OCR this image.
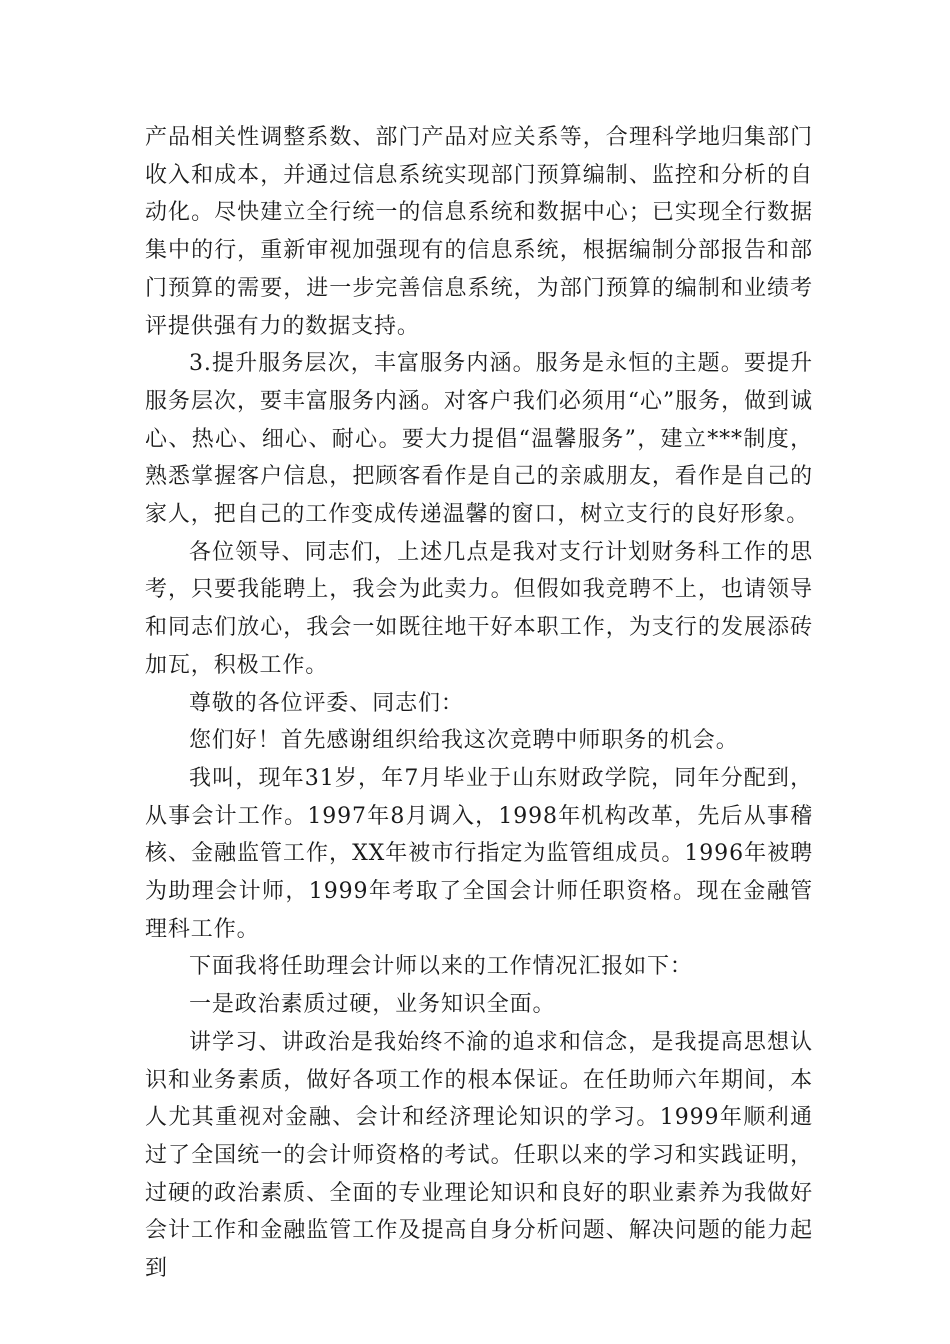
产品相关性调整系数、部门产品对应关系等，合理科学地归集部门收入和成本，并通过信息系统实现部门预算编制、监控和分析的自动化。尽快建立全行统一的信息系统和数据中心；已实现全行数据集中的行，重新审视加强现有的信息系统，根据编制分部报告和部门预算的需要，进一步完善信息系统，为部门预算的编制和业绩考评提供强有力的数据支持。

3.提升服务层次，丰富服务内涵。服务是永恒的主题。要提升服务层次，要丰富服务内涵。对客户我们必须用“心”服务，做到诚心、热心、细心、耐心。要大力提倡“温馨服务”，建立***制度，熟悉掌握客户信息，把顾客看作是自己的亲戚朋友，看作是自己的家人，把自己的工作变成传递温馨的窗口，树立支行的良好形象。

各位领导、同志们，上述几点是我对支行计划财务科工作的思考，只要我能聘上，我会为此卖力。但假如我竞聘不上，也请领导和同志们放心，我会一如既往地干好本职工作，为支行的发展添砖加瓦，积极工作。

尊敬的各位评委、同志们：

您们好！首先感谢组织给我这次竞聘中师职务的机会。

我叫，现年31岁，年7月毕业于山东财政学院，同年分配到，从事会计工作。1997年8月调入，1998年机构改革，先后从事稽核、金融监管工作，XX年被市行指定为监管组成员。1996年被聘为助理会计师，1999年考取了全国会计师任职资格。现在金融管理科工作。

下面我将任助理会计师以来的工作情况汇报如下：

一是政治素质过硬，业务知识全面。

讲学习、讲政治是我始终不渝的追求和信念，是我提高思想认识和业务素质，做好各项工作的根本保证。在任助师六年期间，本人尤其重视对金融、会计和经济理论知识的学习。1999年顺利通过了全国统一的会计师资格的考试。任职以来的学习和实践证明，过硬的政治素质、全面的专业理论知识和良好的职业素养为我做好会计工作和金融监管工作及提高自身分析问题、解决问题的能力起到
